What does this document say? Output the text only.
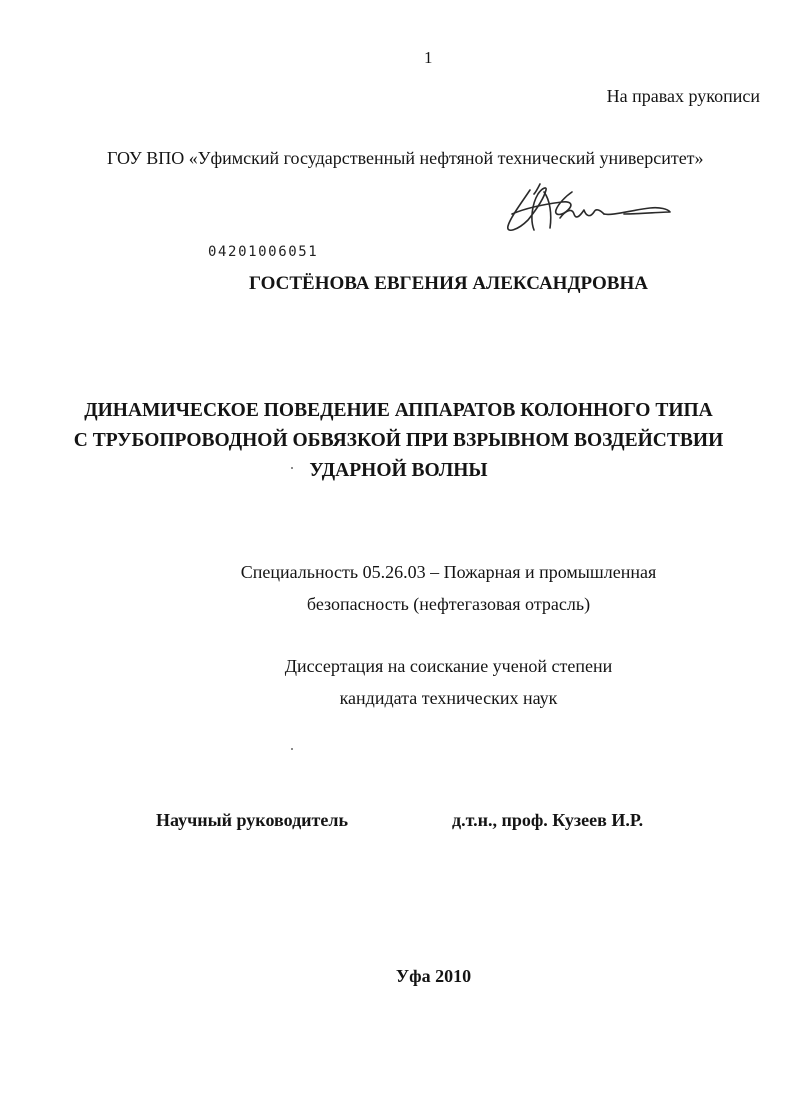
1
На правах рукописи
ГОУ ВПО «Уфимский государственный нефтяной технический университет»
04201006051
ГОСТЁНОВА ЕВГЕНИЯ АЛЕКСАНДРОВНА
ДИНАМИЧЕСКОЕ ПОВЕДЕНИЕ АППАРАТОВ КОЛОННОГО ТИПА
С ТРУБОПРОВОДНОЙ ОБВЯЗКОЙ ПРИ ВЗРЫВНОМ ВОЗДЕЙСТВИИ
УДАРНОЙ ВОЛНЫ
Специальность 05.26.03 – Пожарная и промышленная
безопасность (нефтегазовая отрасль)
Диссертация на соискание ученой степени
кандидата технических наук
Научный руководитель	д.т.н., проф. Кузеев И.Р.
Уфа 2010
